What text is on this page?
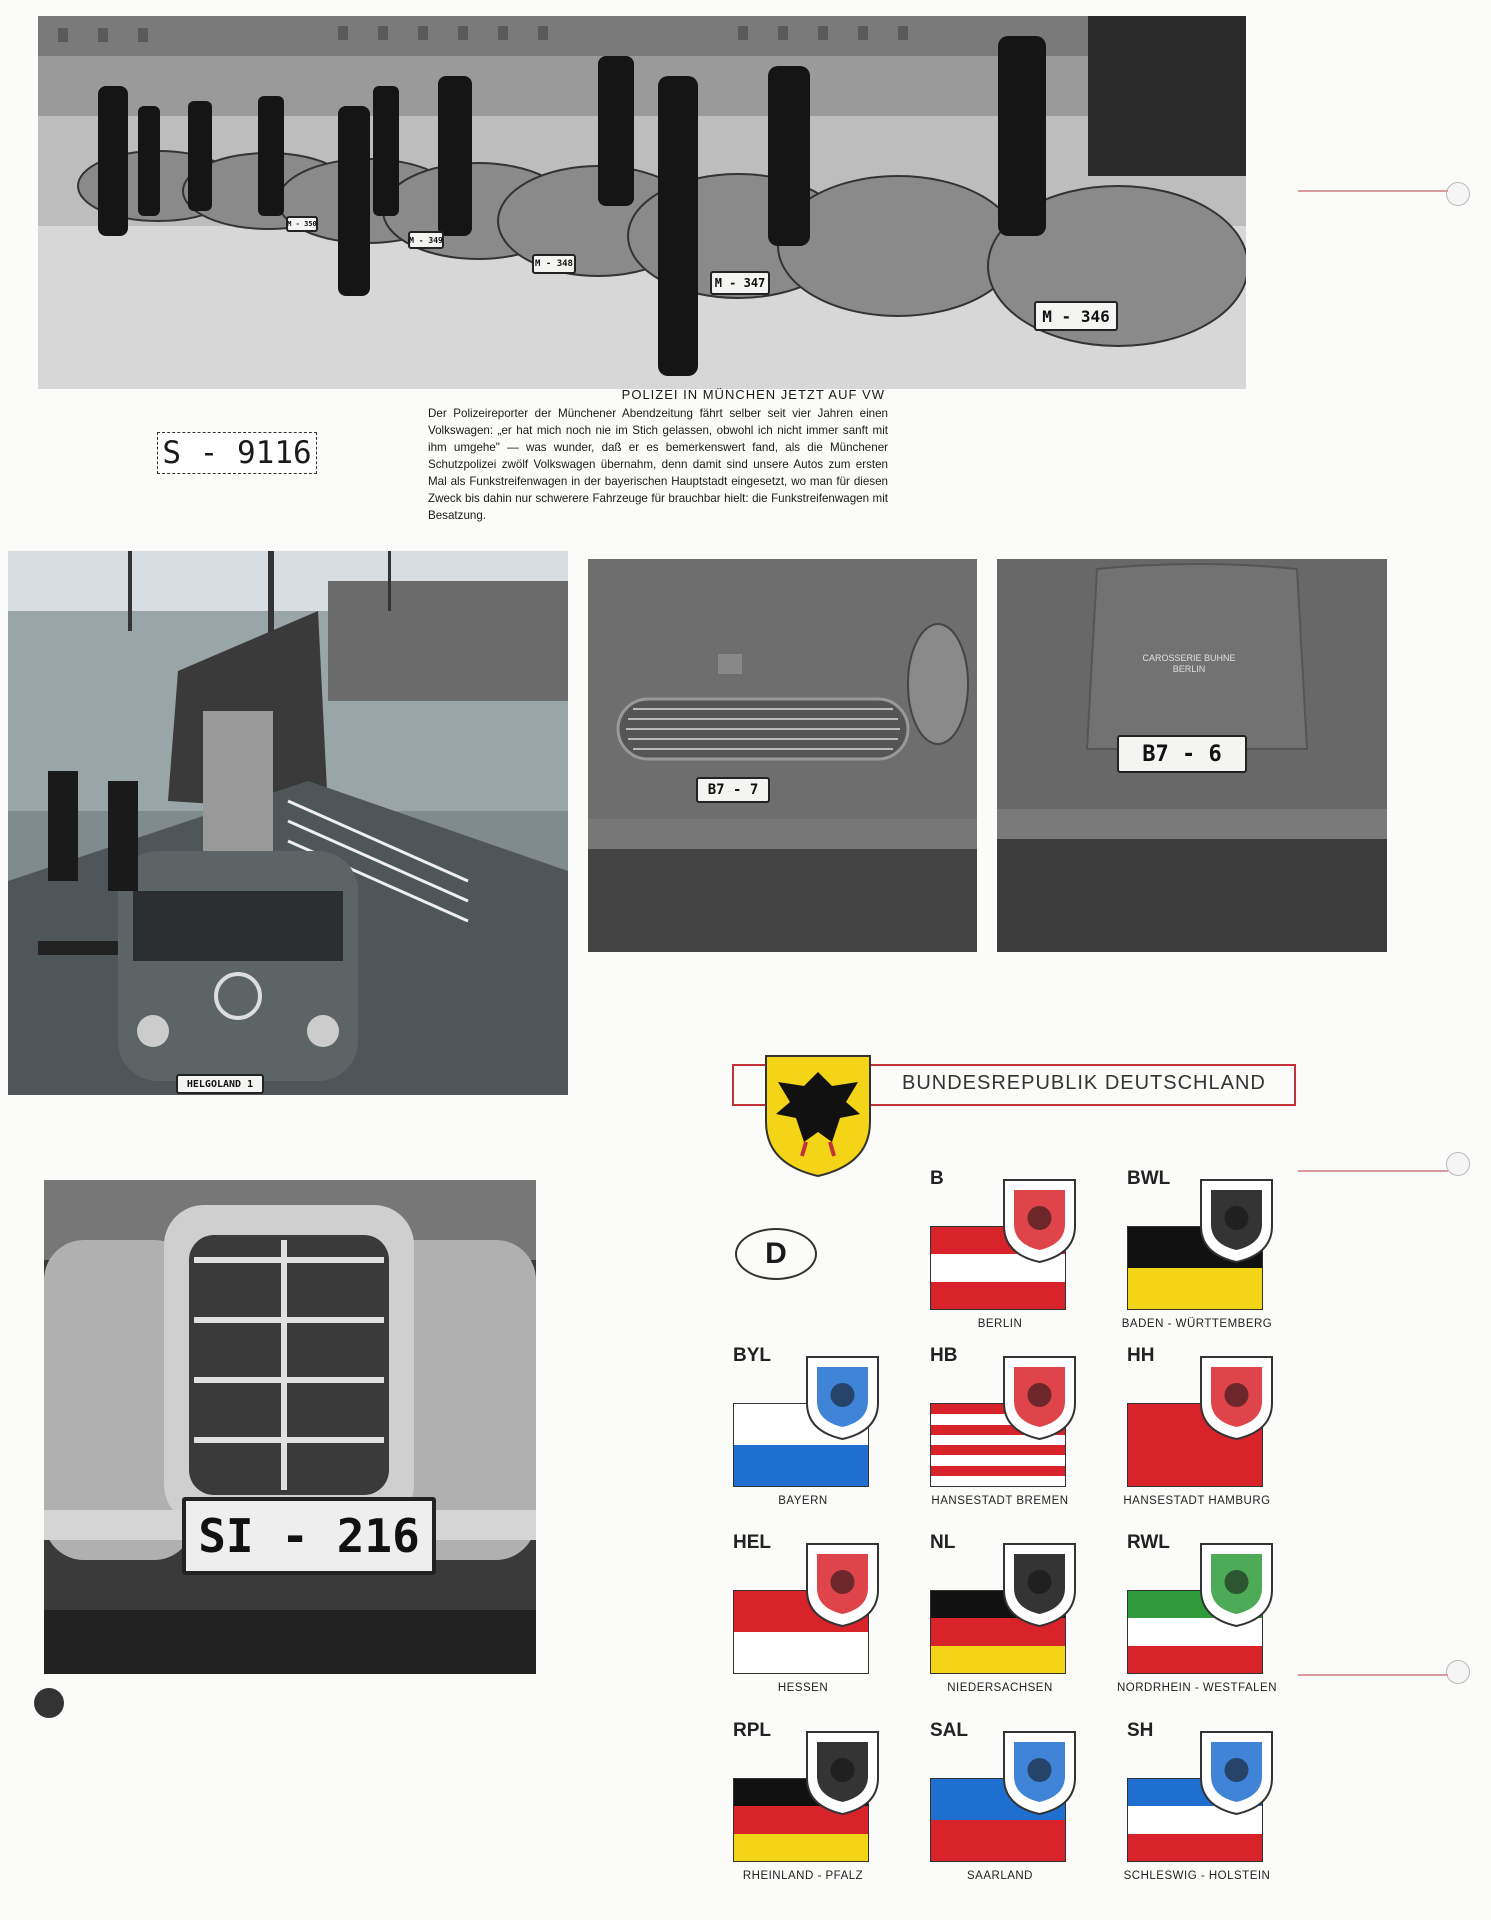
M - 346
M - 347
M - 348
M - 349
M - 350
POLIZEI IN MÜNCHEN JETZT AUF VW
Der Polizeireporter der Münchener Abendzeitung fährt selber seit vier Jahren einen Volkswagen: „er hat mich noch nie im Stich gelassen, obwohl ich nicht immer sanft mit ihm umgehe" — was wunder, daß er es bemerkenswert fand, als die Münchener Schutzpolizei zwölf Volkswagen übernahm, denn damit sind unsere Autos zum ersten Mal als Funkstreifenwagen in der bayerischen Hauptstadt eingesetzt, wo man für diesen Zweck bis dahin nur schwerere Fahrzeuge für brauchbar hielt: die Funkstreifenwagen mit Besatzung.
S - 9116
HELGOLAND 1
B7 - 7
CAROSSERIE BUHNE BERLIN
B7 - 6
SI - 216
BUNDESREPUBLIK DEUTSCHLAND
D
B
BERLIN
BWL
BADEN - WÜRTTEMBERG
BYL
BAYERN
HB
HANSESTADT BREMEN
HH
HANSESTADT HAMBURG
HEL
HESSEN
NL
NIEDERSACHSEN
RWL
NORDRHEIN - WESTFALEN
RPL
RHEINLAND - PFALZ
SAL
SAARLAND
SH
SCHLESWIG - HOLSTEIN
